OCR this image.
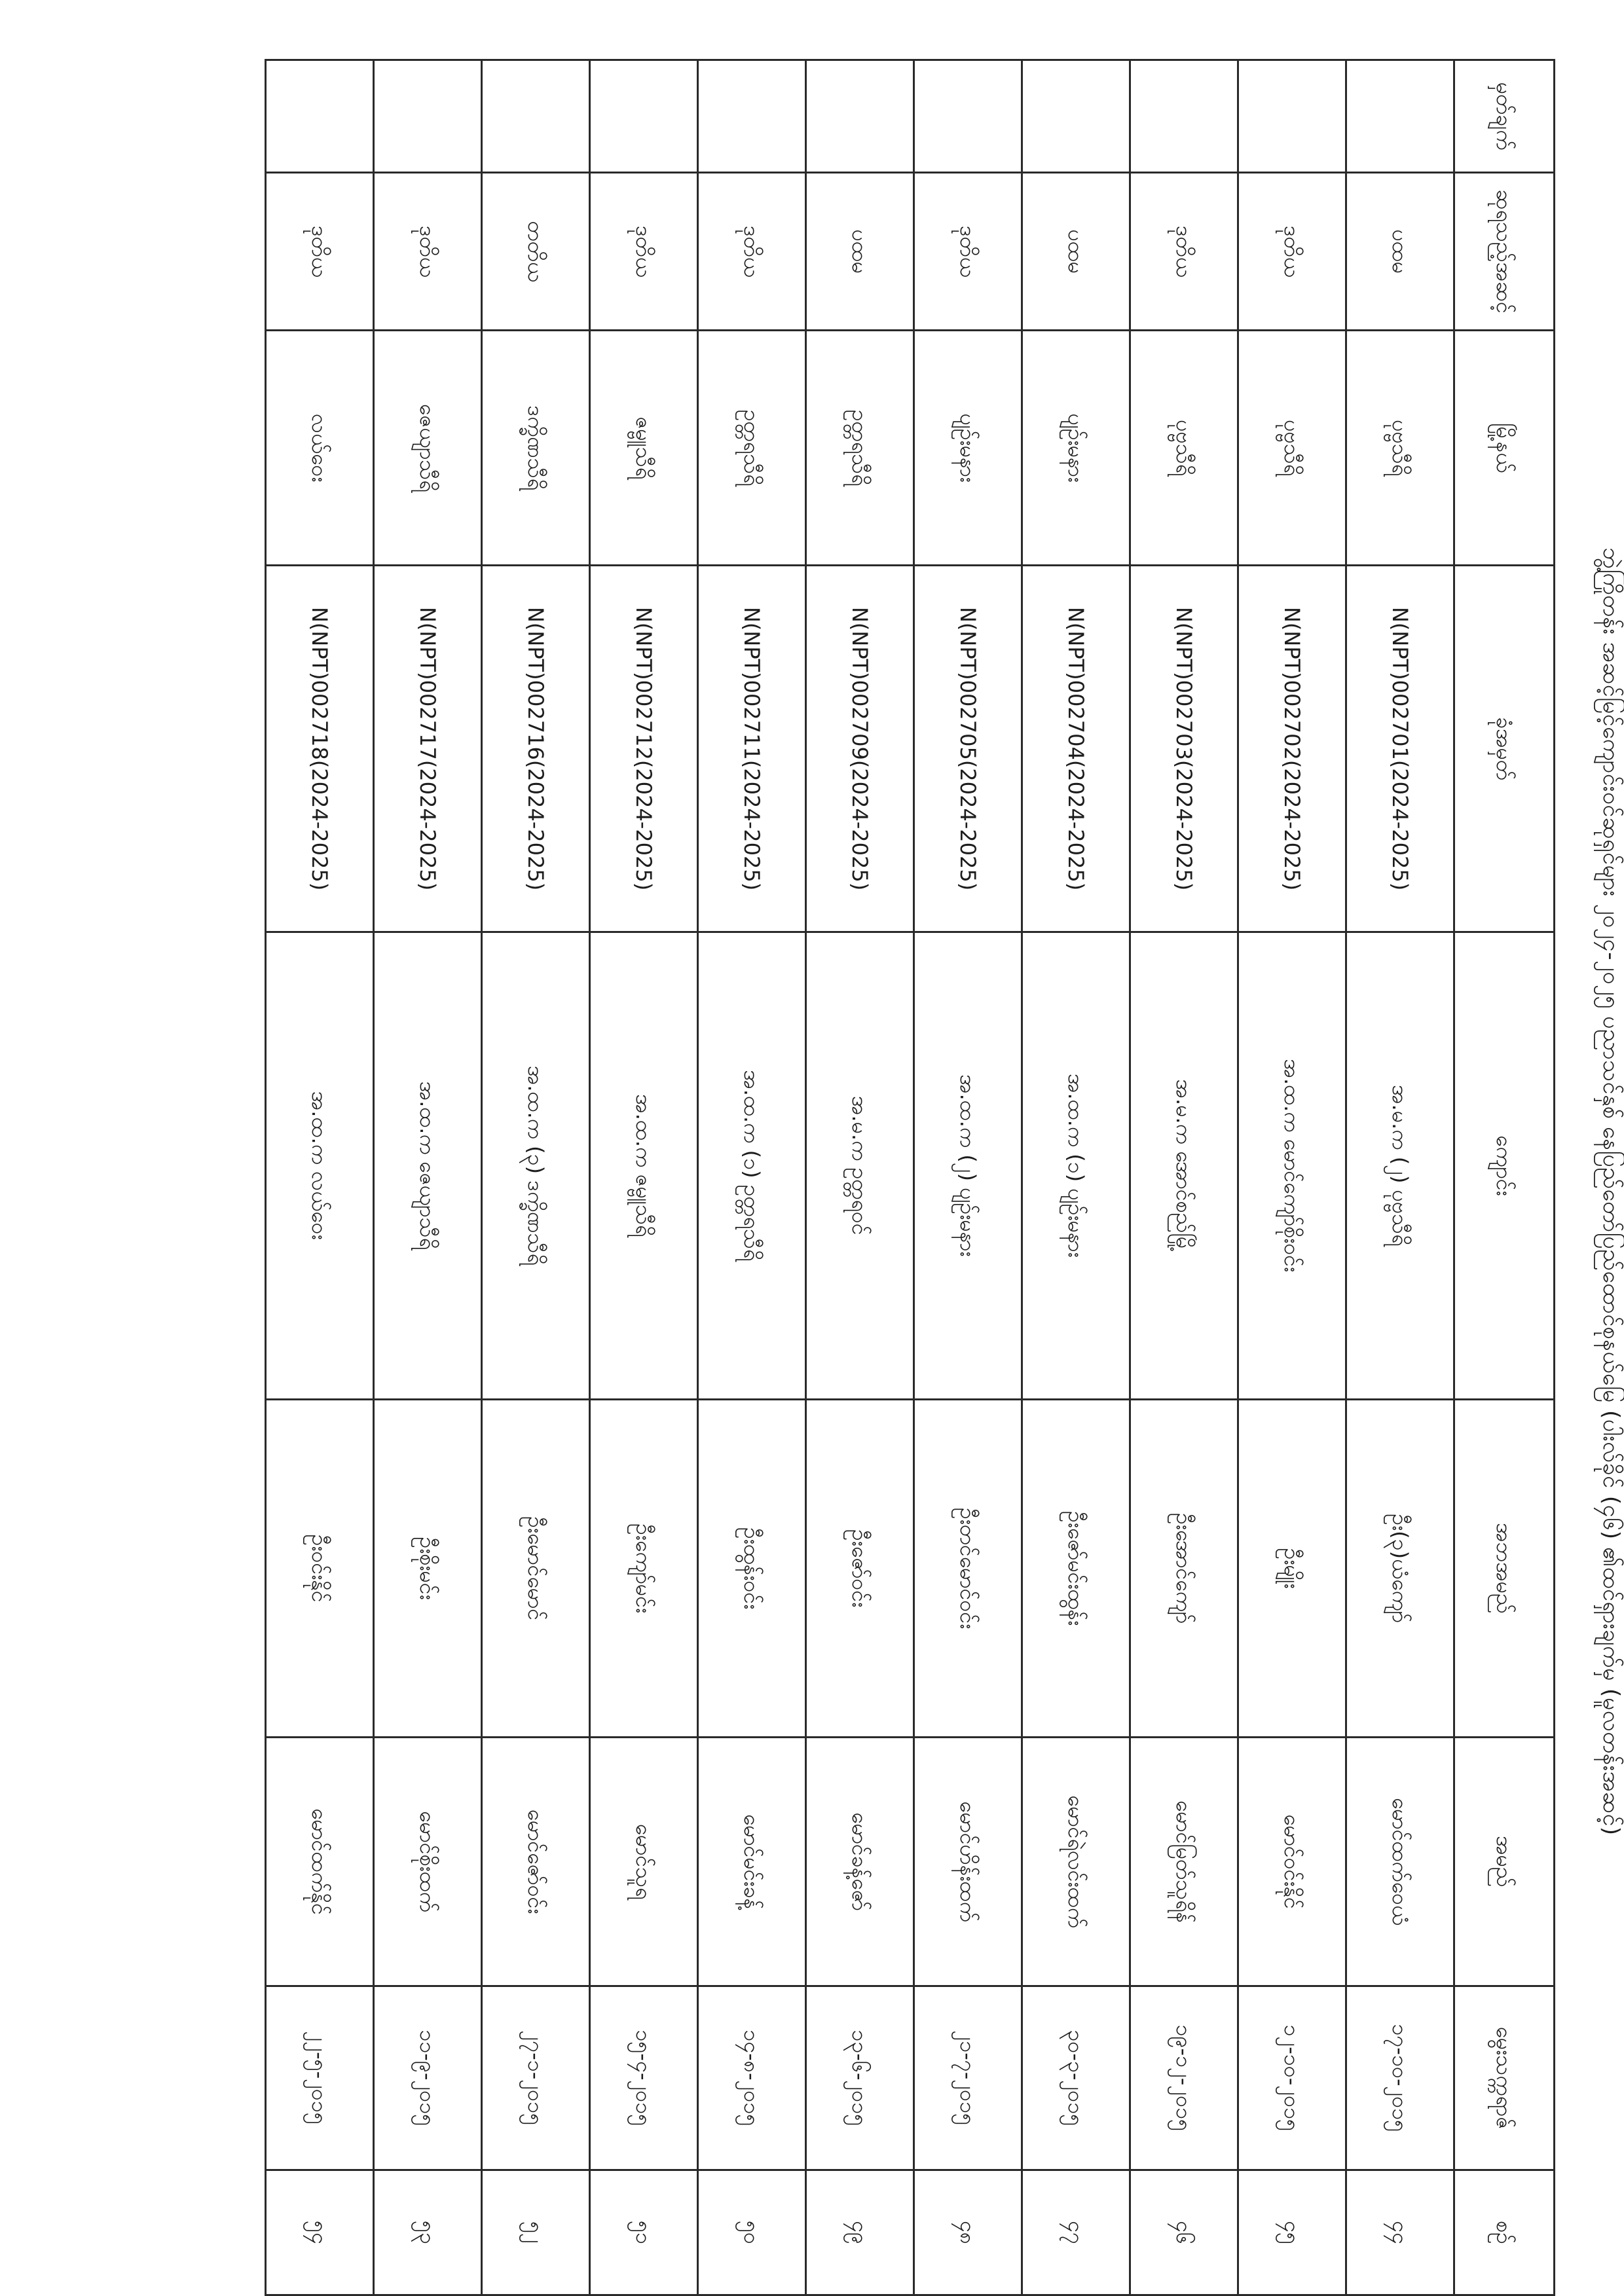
ဘွဲ့ကြိုတန်း အဆင့်မြင့်ကျောင်းဝင်ဆုရှင်များ ၂၀၂၄-၂၀၂၅ ပညာသင်နှစ် နေပြည်တော်ပြည်ထောင်စုနယ်မြေ (ပါးလ်ခိုင် (၄၆) ၏ထင်ရှားချက်မှ (မူလတန်းအဆင့်)
မှတ်ချက်	ဆုရသည့်အဆင့်	မြို့နယ်	ခုံအမှတ်	ကျောင်း	အဘအမည်	အမည်	မွေးသက္ကရာဇ်	စဉ်
	ပထမ	ပုဗ္ဗသီရိ	N(NPT)002701(2024-2025)	အ.မ.က (၂) ပုဗ္ဗသီရိ	ဦး(၃)ယံကျော်	မောင်ထက်ဝေယံ	၁၇-၁၀-၂၀၁၅	၄၄
	ဒုတိယ	ပုဗ္ဗသီရိ	N(NPT)002702(2024-2025)	အ.ထ.က မောင်ကျော်စိုးဝင်း	ဦးမျိုး	မောင်ဝင်းနိုင်	၁၂-၁၀-၂၀၁၅	၄၅
	ဒုတိယ	ပုဗ္ဗသီရိ	N(NPT)002703(2024-2025)	အ.မ.က အောင်စည်မြို့	ဦးအောင်ကျော်	မောင်မြတ်သူရိန်	၁၉-၁၂-၂၀၁၅	၄၆
	ပထမ	ပျဉ်းမနား	N(NPT)002704(2024-2025)	အ.ထ.က (၁) ပျဉ်းမနား	ဦးဇော်မင်းထွန်း	မောင်ရဲလင်းထက်	၃၀-၃-၂၀၁၅	၄၇
	ဒုတိယ	ပျဉ်းမနား	N(NPT)002705(2024-2025)	အ.ထ.က (၂) ပျဉ်းမနား	ဦးတင်မောင်ဝင်း	မောင်ဟိန်းထက်	၂၁-၇-၂၀၁၅	၄၈
	ပထမ	ဥတ္တရသီရိ	N(NPT)002709(2024-2025)	အ.မ.က ဥတ္တရဝင်	ဦးဇော်ဝင်း	မောင်ခန့်ဇော်	၁၃-၆-၂၀၁၅	၄၉
	ဒုတိယ	ဥတ္တရသီရိ	N(NPT)002711(2024-2025)	အ.ထ.က (၁) ဥတ္တရသီရိ	ဦးထွန်းဝင်း	မောင်မင်းခန့်	၁၄-၈-၂၀၁၅	၅၀
	ဒုတိယ	ဇမ္ဗူသီရိ	N(NPT)002712(2024-2025)	အ.ထ.က ဇမ္ဗူသီရိ	ဦးကျော်မင်း	မောင်သူရ	၁၅-၄-၂၀၁၅	၅၁
	တတိယ	ဒက္ခိဏသီရိ	N(NPT)002716(2024-2025)	အ.ထ.က (၃) ဒက္ခိဏသီရိ	ဦးမောင်မောင်	မောင်ဇော်ဝင်း	၂၇-၁-၂၀၁၅	၅၂
	ဒုတိယ	ဇေယျာသီရိ	N(NPT)002717(2024-2025)	အ.ထ.က ဇေယျာသီရိ	ဦးစိုးမင်း	မောင်စိုးထက်	၁၁-၉-၂၀၁၅	၅၃
	ဒုတိယ	လယ်ဝေး	N(NPT)002718(2024-2025)	အ.ထ.က လယ်ဝေး	ဦးဝင်းနိုင်	မောင်ထက်နိုင်	၂၂-၅-၂၀၁၅	၅၄
